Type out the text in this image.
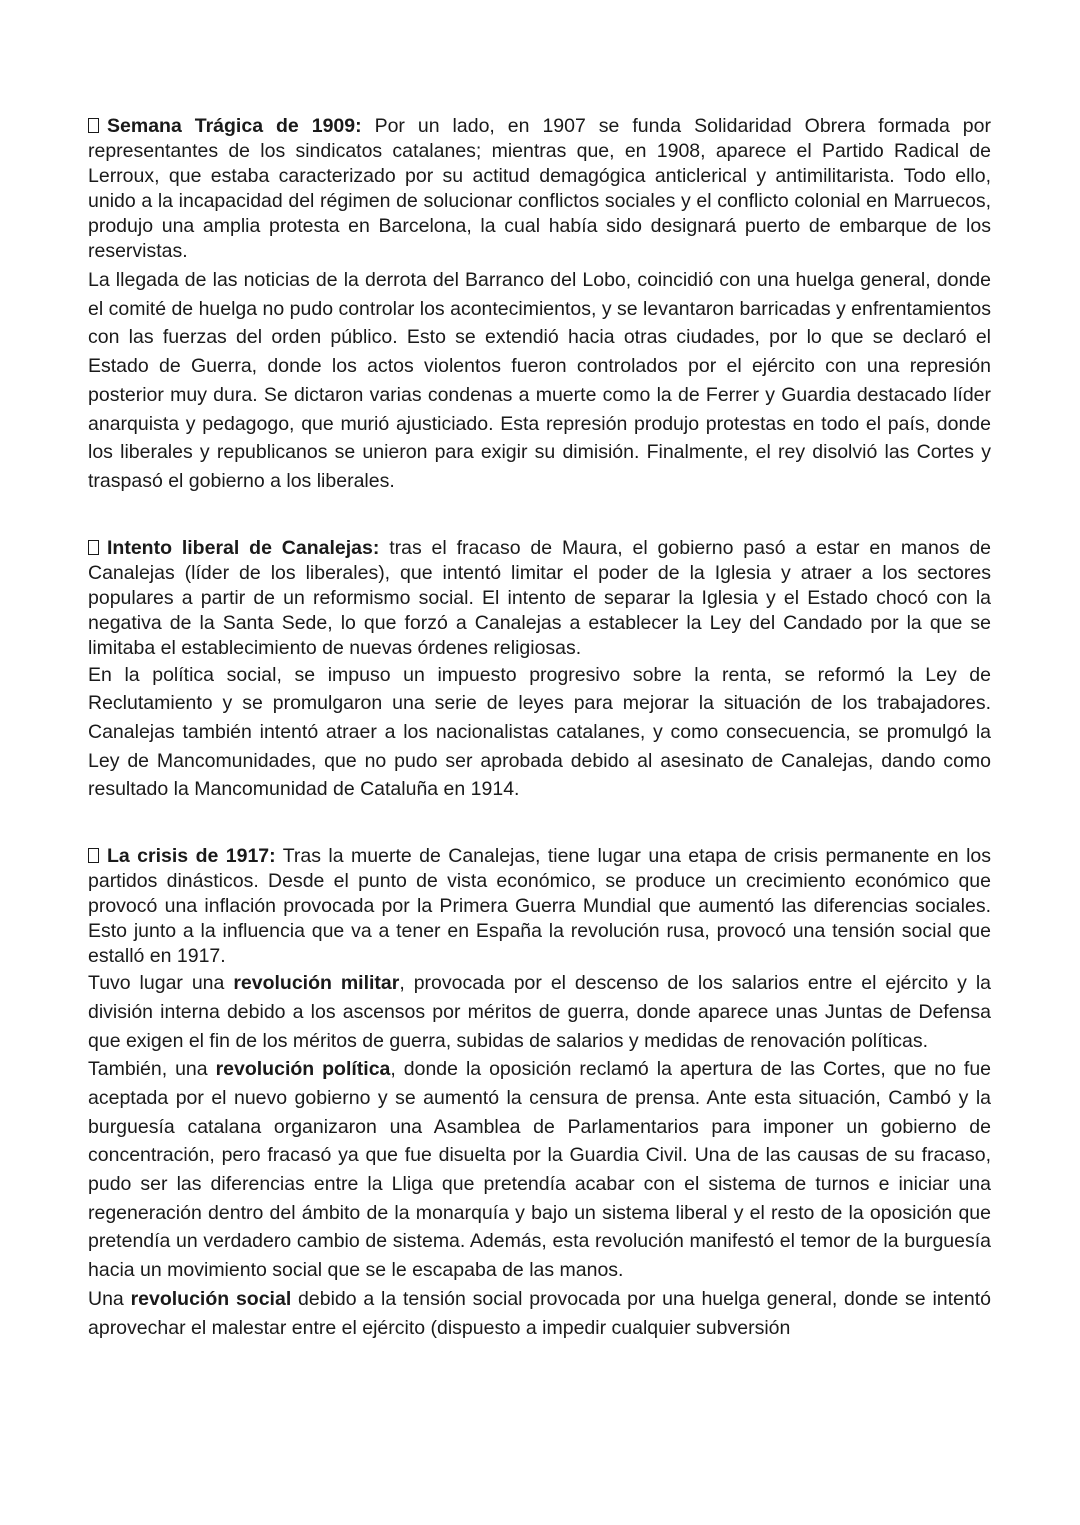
Semana Trágica de 1909: Por un lado, en 1907 se funda Solidaridad Obrera formada por representantes de los sindicatos catalanes; mientras que, en 1908, aparece el Partido Radical de Lerroux, que estaba caracterizado por su actitud demagógica anticlerical y antimilitarista. Todo ello, unido a la incapacidad del régimen de solucionar conflictos sociales y el conflicto colonial en Marruecos, produjo una amplia protesta en Barcelona, la cual había sido designará puerto de embarque de los reservistas.

La llegada de las noticias de la derrota del Barranco del Lobo, coincidió con una huelga general, donde el comité de huelga no pudo controlar los acontecimientos, y se levantaron barricadas y enfrentamientos con las fuerzas del orden público. Esto se extendió hacia otras ciudades, por lo que se declaró el Estado de Guerra, donde los actos violentos fueron controlados por el ejército con una represión posterior muy dura. Se dictaron varias condenas a muerte como la de Ferrer y Guardia destacado líder anarquista y pedagogo, que murió ajusticiado. Esta represión produjo protestas en todo el país, donde los liberales y republicanos se unieron para exigir su dimisión. Finalmente, el rey disolvió las Cortes y traspasó el gobierno a los liberales.

Intento liberal de Canalejas: tras el fracaso de Maura, el gobierno pasó a estar en manos de Canalejas (líder de los liberales), que intentó limitar el poder de la Iglesia y atraer a los sectores populares a partir de un reformismo social. El intento de separar la Iglesia y el Estado chocó con la negativa de la Santa Sede, lo que forzó a Canalejas a establecer la Ley del Candado por la que se limitaba el establecimiento de nuevas órdenes religiosas.

En la política social, se impuso un impuesto progresivo sobre la renta, se reformó la Ley de Reclutamiento y se promulgaron una serie de leyes para mejorar la situación de los trabajadores. Canalejas también intentó atraer a los nacionalistas catalanes, y como consecuencia, se promulgó la Ley de Mancomunidades, que no pudo ser aprobada debido al asesinato de Canalejas, dando como resultado la Mancomunidad de Cataluña en 1914.

La crisis de 1917: Tras la muerte de Canalejas, tiene lugar una etapa de crisis permanente en los partidos dinásticos. Desde el punto de vista económico, se produce un crecimiento económico que provocó una inflación provocada por la Primera Guerra Mundial que aumentó las diferencias sociales. Esto junto a la influencia que va a tener en España la revolución rusa, provocó una tensión social que estalló en 1917.

Tuvo lugar una revolución militar, provocada por el descenso de los salarios entre el ejército y la división interna debido a los ascensos por méritos de guerra, donde aparece unas Juntas de Defensa que exigen el fin de los méritos de guerra, subidas de salarios y medidas de renovación políticas.

También, una revolución política, donde la oposición reclamó la apertura de las Cortes, que no fue aceptada por el nuevo gobierno y se aumentó la censura de prensa. Ante esta situación, Cambó y la burguesía catalana organizaron una Asamblea de Parlamentarios para imponer un gobierno de concentración, pero fracasó ya que fue disuelta por la Guardia Civil. Una de las causas de su fracaso, pudo ser las diferencias entre la Lliga que pretendía acabar con el sistema de turnos e iniciar una regeneración dentro del ámbito de la monarquía y bajo un sistema liberal y el resto de la oposición que pretendía un verdadero cambio de sistema. Además, esta revolución manifestó el temor de la burguesía hacia un movimiento social que se le escapaba de las manos.

Una revolución social debido a la tensión social provocada por una huelga general, donde se intentó aprovechar el malestar entre el ejército (dispuesto a impedir cualquier subversión
